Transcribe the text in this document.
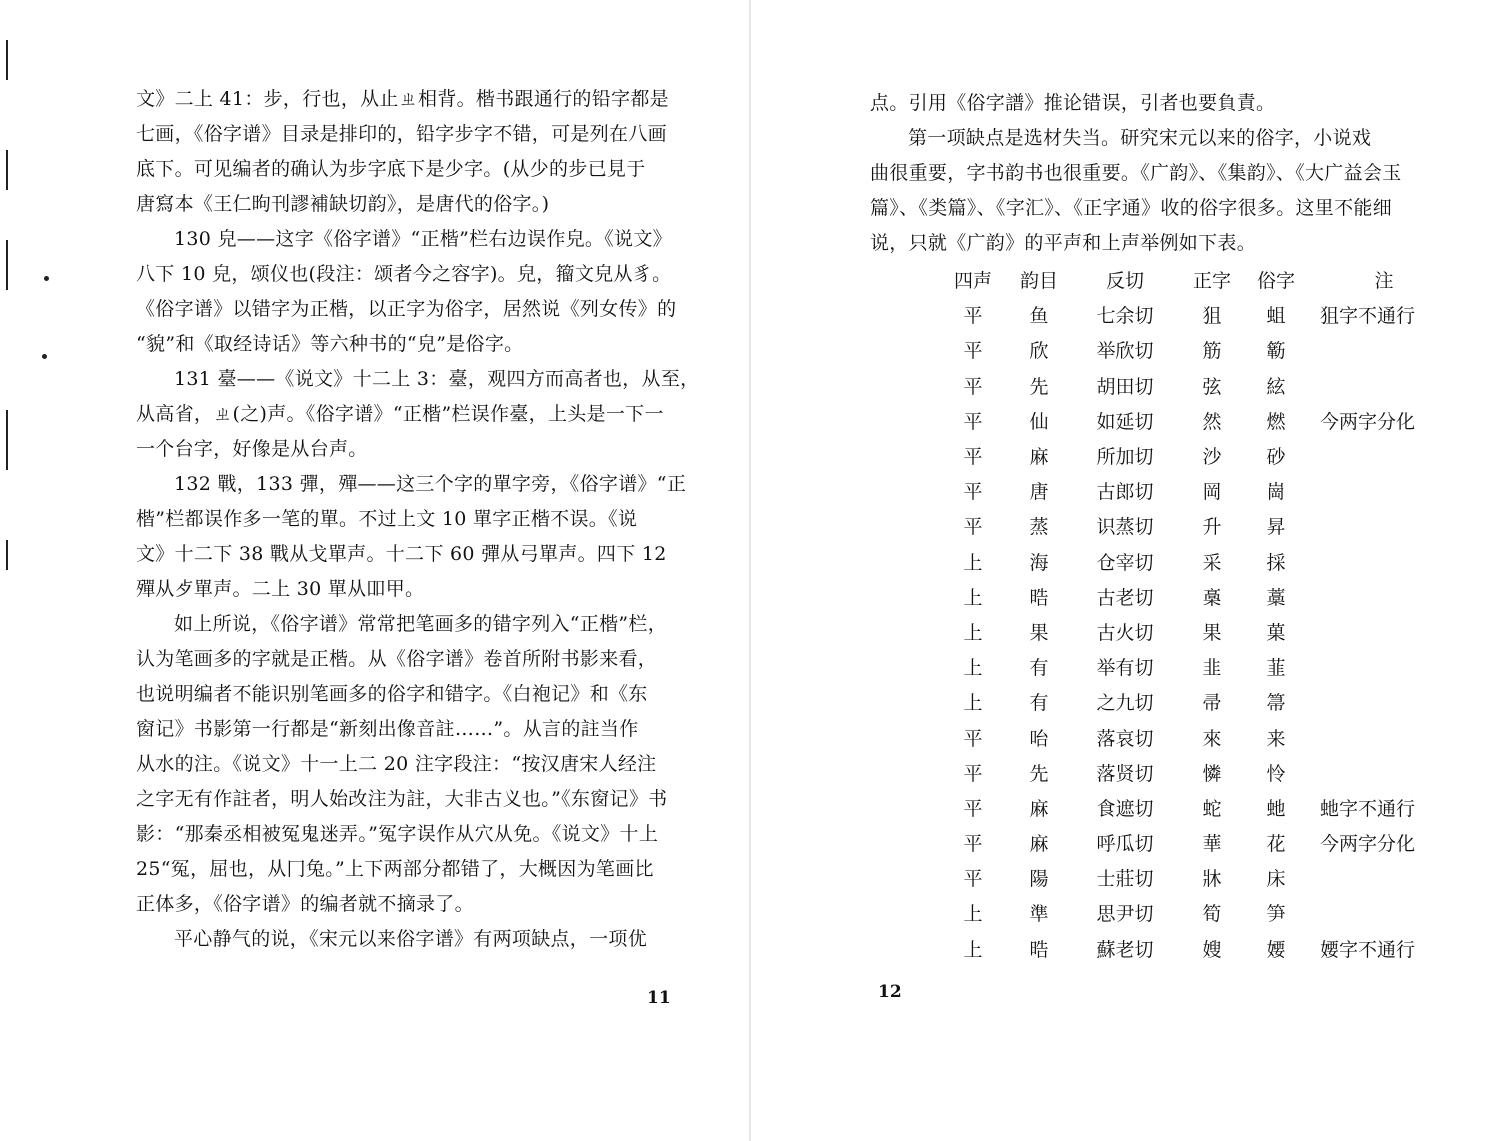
文》二上 41：步，行也，从止ㄓ相背。楷书跟通行的铅字都是

七画，《俗字谱》目录是排印的，铅字步字不错，可是列在八画

底下。可见编者的确认为步字底下是少字。(从少的步已見于

唐寫本《王仁昫刊謬補缺切韵》，是唐代的俗字。)

130 皃——这字《俗字谱》“正楷”栏右边误作皃。《说文》

八下 10 皃，颂仪也(段注：颂者今之容字)。皃，籀文皃从豸。

《俗字谱》以错字为正楷，以正字为俗字，居然说《列女传》的

“貌”和《取经诗话》等六种书的“皃”是俗字。

131 臺——《说文》十二上 3：臺，观四方而高者也，从至，

从高省，ㄓ(之)声。《俗字谱》“正楷”栏误作臺，上头是一下一

一个台字，好像是从台声。

132 戰，133 彈，殫——这三个字的單字旁，《俗字谱》“正

楷”栏都误作多一笔的單。不过上文 10 單字正楷不误。《说

文》十二下 38 戰从戈單声。十二下 60 彈从弓單声。四下 12

殫从歺單声。二上 30 單从吅甲。

如上所说，《俗字谱》常常把笔画多的错字列入“正楷”栏，

认为笔画多的字就是正楷。从《俗字谱》卷首所附书影来看，

也说明编者不能识别笔画多的俗字和错字。《白袍记》和《东

窗记》书影第一行都是“新刻出像音註……”。从言的註当作

从水的注。《说文》十一上二 20 注字段注：“按汉唐宋人经注

之字无有作註者，明人始改注为註，大非古义也。”《东窗记》书

影：“那秦丞相被冤鬼迷弄。”冤字误作从穴从免。《说文》十上

25“冤，屈也，从冂兔。”上下两部分都错了，大概因为笔画比

正体多，《俗字谱》的编者就不摘录了。

平心静气的说，《宋元以来俗字谱》有两项缺点，一项优

11

点。引用《俗字譜》推论错误，引者也要負責。

第一项缺点是选材失当。研究宋元以来的俗字，小说戏

曲很重要，字书韵书也很重要。《广韵》、《集韵》、《大广益会玉

篇》、《类篇》、《字汇》、《正字通》收的俗字很多。这里不能细

说，只就《广韵》的平声和上声举例如下表。

四声	韵目	反切	正字	俗字	注
平	鱼	七余切	狙	蛆	狙字不通行
平	欣	举欣切	筋	簕	
平	先	胡田切	弦	絃	
平	仙	如延切	然	燃	今两字分化
平	麻	所加切	沙	砂	
平	唐	古郎切	岡	崗	
平	蒸	识蒸切	升	昇	
上	海	仓宰切	采	採	
上	晧	古老切	槀	藁	
上	果	古火切	果	菓	
上	有	举有切	韭	韮	
上	有	之九切	帚	箒	
平	咍	落哀切	來	来	
平	先	落贤切	憐	怜	
平	麻	食遮切	蛇	虵	虵字不通行
平	麻	呼瓜切	華	花	今两字分化
平	陽	士莊切	牀	床	
上	準	思尹切	筍	笋	
上	晧	蘇老切	嫂	婹	婹字不通行
12
